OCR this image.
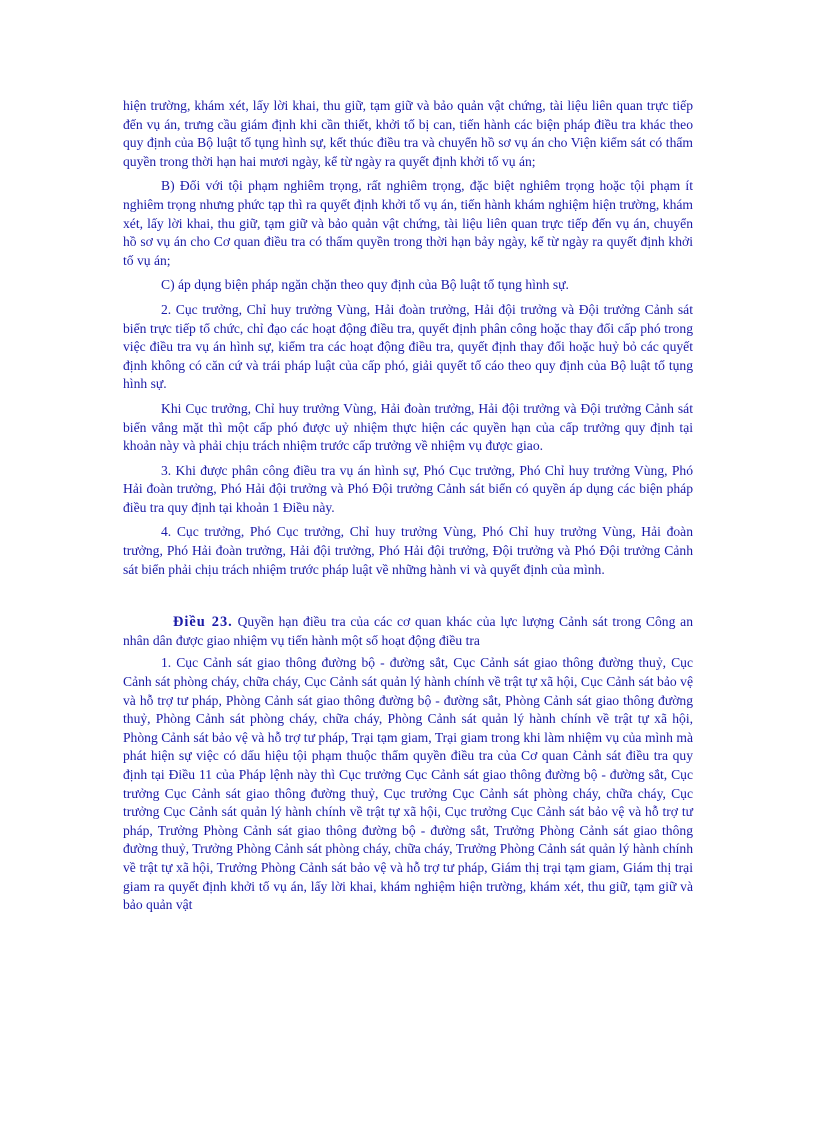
hiện trường, khám xét, lấy lời khai, thu giữ, tạm giữ và bảo quản vật chứng, tài liệu liên quan trực tiếp đến vụ án, trưng cầu giám định khi cần thiết, khởi tố bị can, tiến hành các biện pháp điều tra khác theo quy định của Bộ luật tố tụng hình sự, kết thúc điều tra và chuyển hồ sơ vụ án cho Viện kiểm sát có thẩm quyền trong thời hạn hai mươi ngày, kể từ ngày ra quyết định khởi tố vụ án;

B) Đối với tội phạm nghiêm trọng, rất nghiêm trọng, đặc biệt nghiêm trọng hoặc tội phạm ít nghiêm trọng nhưng phức tạp thì ra quyết định khởi tố vụ án, tiến hành khám nghiệm hiện trường, khám xét, lấy lời khai, thu giữ, tạm giữ và bảo quản vật chứng, tài liệu liên quan trực tiếp đến vụ án, chuyển hồ sơ vụ án cho Cơ quan điều tra có thẩm quyền trong thời hạn bảy ngày, kể từ ngày ra quyết định khởi tố vụ án;

C) áp dụng biện pháp ngăn chặn theo quy định của Bộ luật tố tụng hình sự.

2. Cục trưởng, Chỉ huy trưởng Vùng, Hải đoàn trưởng, Hải đội trưởng và Đội trưởng Cảnh sát biển trực tiếp tổ chức, chỉ đạo các hoạt động điều tra, quyết định phân công hoặc thay đổi cấp phó trong việc điều tra vụ án hình sự, kiểm tra các hoạt động điều tra, quyết định thay đổi hoặc huỷ bỏ các quyết định không có căn cứ và trái pháp luật của cấp phó, giải quyết tố cáo theo quy định của Bộ luật tố tụng hình sự.

Khi Cục trưởng, Chỉ huy trưởng Vùng, Hải đoàn trưởng, Hải đội trưởng và Đội trưởng Cảnh sát biển vắng mặt thì một cấp phó được uỷ nhiệm thực hiện các quyền hạn của cấp trưởng quy định tại khoản này và phải chịu trách nhiệm trước cấp trưởng về nhiệm vụ được giao.

3. Khi được phân công điều tra vụ án hình sự, Phó Cục trưởng, Phó Chỉ huy trưởng Vùng, Phó Hải đoàn trưởng, Phó Hải đội trưởng và Phó Đội trưởng Cảnh sát biển có quyền áp dụng các biện pháp điều tra quy định tại khoản 1 Điều này.

4. Cục trưởng, Phó Cục trưởng, Chỉ huy trưởng Vùng, Phó Chỉ huy trưởng Vùng, Hải đoàn trưởng, Phó Hải đoàn trưởng, Hải đội trưởng, Phó Hải đội trưởng, Đội trưởng và Phó Đội trưởng Cảnh sát biển phải chịu trách nhiệm trước pháp luật về những hành vi và quyết định của mình.

Điều 23. Quyền hạn điều tra của các cơ quan khác của lực lượng Cảnh sát trong Công an nhân dân được giao nhiệm vụ tiến hành một số hoạt động điều tra

1. Cục Cảnh sát giao thông đường bộ - đường sắt, Cục Cảnh sát giao thông đường thuỷ, Cục Cảnh sát phòng cháy, chữa cháy, Cục Cảnh sát quản lý hành chính về trật tự xã hội, Cục Cảnh sát bảo vệ và hỗ trợ tư pháp, Phòng Cảnh sát giao thông đường bộ - đường sắt, Phòng Cảnh sát giao thông đường thuỷ, Phòng Cảnh sát phòng cháy, chữa cháy, Phòng Cảnh sát quản lý hành chính về trật tự xã hội, Phòng Cảnh sát bảo vệ và hỗ trợ tư pháp, Trại tạm giam, Trại giam trong khi làm nhiệm vụ của mình mà phát hiện sự việc có dấu hiệu tội phạm thuộc thẩm quyền điều tra của Cơ quan Cảnh sát điều tra quy định tại Điều 11 của Pháp lệnh này thì Cục trưởng Cục Cảnh sát giao thông đường bộ - đường sắt, Cục trưởng Cục Cảnh sát giao thông đường thuỷ, Cục trưởng Cục Cảnh sát phòng cháy, chữa cháy, Cục trưởng Cục Cảnh sát quản lý hành chính về trật tự xã hội, Cục trưởng Cục Cảnh sát bảo vệ và hỗ trợ tư pháp, Trưởng Phòng Cảnh sát giao thông đường bộ - đường sắt, Trưởng Phòng Cảnh sát giao thông đường thuỷ, Trưởng Phòng Cảnh sát phòng cháy, chữa cháy, Trưởng Phòng Cảnh sát quản lý hành chính về trật tự xã hội, Trưởng Phòng Cảnh sát bảo vệ và hỗ trợ tư pháp, Giám thị trại tạm giam, Giám thị trại giam ra quyết định khởi tố vụ án, lấy lời khai, khám nghiệm hiện trường, khám xét, thu giữ, tạm giữ và bảo quản vật
